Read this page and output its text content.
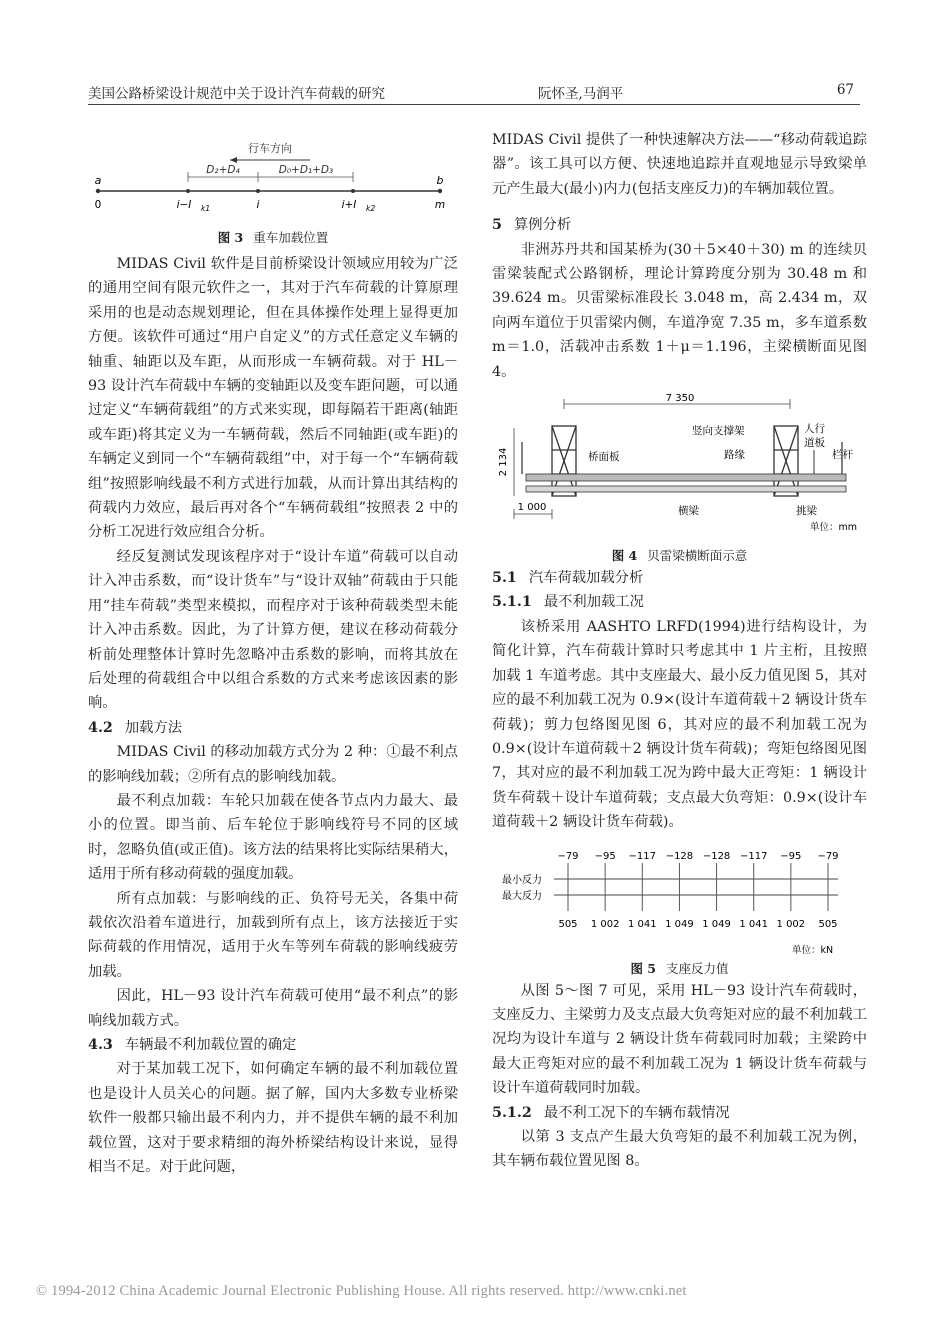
美国公路桥梁设计规范中关于设计汽车荷载的研究	阮怀圣,马润平	67
行车方向
D₂+D₄	D₀+D₁+D₃
a	b
0	i−I k1	i	i+I k2	m
图 3 重车加载位置

MIDAS Civil 软件是目前桥梁设计领域应用较为广泛的通用空间有限元软件之一，其对于汽车荷载的计算原理采用的也是动态规划理论，但在具体操作处理上显得更加方便。该软件可通过“用户自定义”的方式任意定义车辆的轴重、轴距以及车距，从而形成一车辆荷载。对于 HL－93 设计汽车荷载中车辆的变轴距以及变车距问题，可以通过定义“车辆荷载组”的方式来实现，即每隔若干距离(轴距或车距)将其定义为一车辆荷载，然后不同轴距(或车距)的车辆定义到同一个“车辆荷载组”中，对于每一个“车辆荷载组”按照影响线最不利方式进行加载，从而计算出其结构的荷载内力效应，最后再对各个“车辆荷载组”按照表 2 中的分析工况进行效应组合分析。

经反复测试发现该程序对于“设计车道”荷载可以自动计入冲击系数，而“设计货车”与“设计双轴”荷载由于只能用“挂车荷载”类型来模拟，而程序对于该种荷载类型未能计入冲击系数。因此，为了计算方便，建议在移动荷载分析前处理整体计算时先忽略冲击系数的影响，而将其放在后处理的荷载组合中以组合系数的方式来考虑该因素的影响。

4.2 加载方法

MIDAS Civil 的移动加载方式分为 2 种：①最不利点的影响线加载；②所有点的影响线加载。

最不利点加载：车轮只加载在使各节点内力最大、最小的位置。即当前、后车轮位于影响线符号不同的区域时，忽略负值(或正值)。该方法的结果将比实际结果稍大，适用于所有移动荷载的强度加载。

所有点加载：与影响线的正、负符号无关，各集中荷载依次沿着车道进行，加载到所有点上，该方法接近于实际荷载的作用情况，适用于火车等列车荷载的影响线疲劳加载。

因此，HL－93 设计汽车荷载可使用“最不利点”的影响线加载方式。

4.3 车辆最不利加载位置的确定

对于某加载工况下，如何确定车辆的最不利加载位置也是设计人员关心的问题。据了解，国内大多数专业桥梁软件一般都只输出最不利内力，并不提供车辆的最不利加载位置，这对于要求精细的海外桥梁结构设计来说，显得相当不足。对于此问题，

MIDAS Civil 提供了一种快速解决方法——“移动荷载追踪器”。该工具可以方便、快速地追踪并直观地显示导致梁单元产生最大(最小)内力(包括支座反力)的车辆加载位置。

5 算例分析

非洲苏丹共和国某桥为(30＋5×40＋30) m 的连续贝雷梁装配式公路钢桥，理论计算跨度分别为 30.48 m 和 39.624 m。贝雷梁标准段长 3.048 m，高 2.434 m，双向两车道位于贝雷梁内侧，车道净宽 7.35 m，多车道系数 m＝1.0，活载冲击系数 1＋μ＝1.196，主梁横断面见图 4。

7 350
2 134
1 000
桥面板
竖向支撑架
路缘
人行
道板
栏杆
横梁	挑梁
单位：mm
图 4 贝雷梁横断面示意
5.1 汽车荷载加载分析
5.1.1 最不利加载工况

该桥采用 AASHTO LRFD(1994)进行结构设计，为简化计算，汽车荷载计算时只考虑其中 1 片主桁，且按照加载 1 车道考虑。其中支座最大、最小反力值见图 5，其对应的最不利加载工况为 0.9×(设计车道荷载＋2 辆设计货车荷载)；剪力包络图见图 6，其对应的最不利加载工况为 0.9×(设计车道荷载＋2 辆设计货车荷载)；弯矩包络图见图 7，其对应的最不利加载工况为跨中最大正弯矩：1 辆设计货车荷载＋设计车道荷载；支点最大负弯矩：0.9×(设计车道荷载＋2 辆设计货车荷载)。

最小反力
最大反力
−79
505
−95
1 002
−117
1 041
−128
1 049
−128
1 049
−117
1 041
−95
1 002
−79
505
单位：kN
图 5 支座反力值

从图 5～图 7 可见，采用 HL－93 设计汽车荷载时，支座反力、主梁剪力及支点最大负弯矩对应的最不利加载工况均为设计车道与 2 辆设计货车荷载同时加载；主梁跨中最大正弯矩对应的最不利加载工况为 1 辆设计货车荷载与设计车道荷载同时加载。

5.1.2 最不利工况下的车辆布载情况

以第 3 支点产生最大负弯矩的最不利加载工况为例，其车辆布载位置见图 8。

© 1994-2012 China Academic Journal Electronic Publishing House. All rights reserved. http://www.cnki.net
